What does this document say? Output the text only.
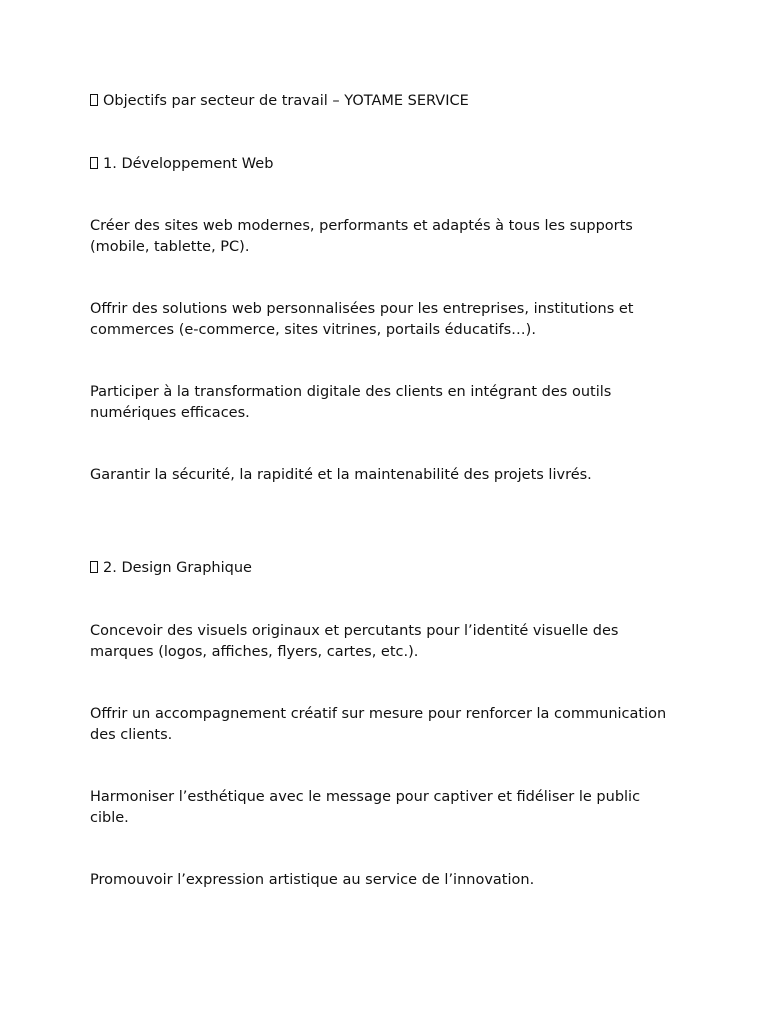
Objectifs par secteur de travail – YOTAME SERVICE

1. Développement Web

Créer des sites web modernes, performants et adaptés à tous les supports (mobile, tablette, PC).

Offrir des solutions web personnalisées pour les entreprises, institutions et commerces (e-commerce, sites vitrines, portails éducatifs…).

Participer à la transformation digitale des clients en intégrant des outils numériques efficaces.

Garantir la sécurité, la rapidité et la maintenabilité des projets livrés.

2. Design Graphique

Concevoir des visuels originaux et percutants pour l’identité visuelle des marques (logos, affiches, flyers, cartes, etc.).

Offrir un accompagnement créatif sur mesure pour renforcer la communication des clients.

Harmoniser l’esthétique avec le message pour captiver et fidéliser le public cible.

Promouvoir l’expression artistique au service de l’innovation.
